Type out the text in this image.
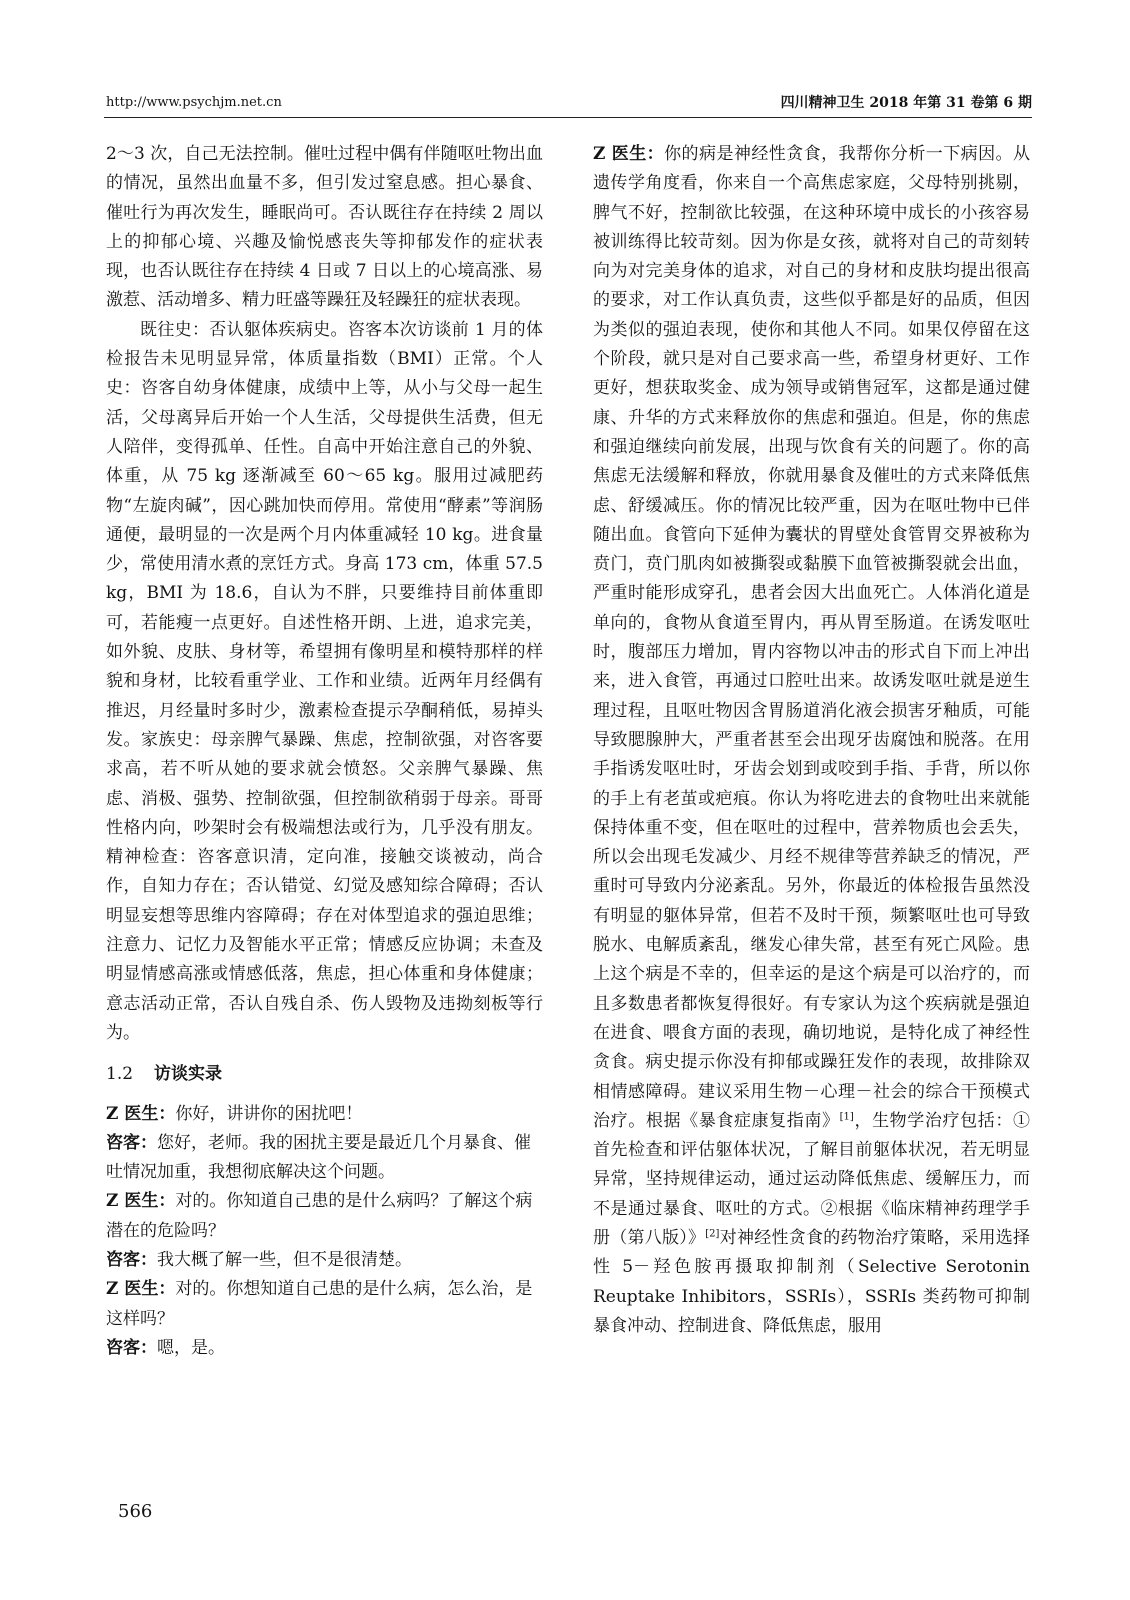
http://www.psychjm.net.cn	四川精神卫生 2018 年第 31 卷第 6 期

2～3 次，自己无法控制。催吐过程中偶有伴随呕吐物出血的情况，虽然出血量不多，但引发过窒息感。担心暴食、催吐行为再次发生，睡眠尚可。否认既往存在持续 2 周以上的抑郁心境、兴趣及愉悦感丧失等抑郁发作的症状表现，也否认既往存在持续 4 日或 7 日以上的心境高涨、易激惹、活动增多、精力旺盛等躁狂及轻躁狂的症状表现。

既往史：否认躯体疾病史。咨客本次访谈前 1 月的体检报告未见明显异常，体质量指数（BMI）正常。个人史：咨客自幼身体健康，成绩中上等，从小与父母一起生活，父母离异后开始一个人生活，父母提供生活费，但无人陪伴，变得孤单、任性。自高中开始注意自己的外貌、体重，从 75 kg 逐渐减至 60～65 kg。服用过减肥药物“左旋肉碱”，因心跳加快而停用。常使用“酵素”等润肠通便，最明显的一次是两个月内体重减轻 10 kg。进食量少，常使用清水煮的烹饪方式。身高 173 cm，体重 57.5 kg，BMI 为 18.6，自认为不胖，只要维持目前体重即可，若能瘦一点更好。自述性格开朗、上进，追求完美，如外貌、皮肤、身材等，希望拥有像明星和模特那样的样貌和身材，比较看重学业、工作和业绩。近两年月经偶有推迟，月经量时多时少，激素检查提示孕酮稍低，易掉头发。家族史：母亲脾气暴躁、焦虑，控制欲强，对咨客要求高，若不听从她的要求就会愤怒。父亲脾气暴躁、焦虑、消极、强势、控制欲强，但控制欲稍弱于母亲。哥哥性格内向，吵架时会有极端想法或行为，几乎没有朋友。精神检查：咨客意识清，定向准，接触交谈被动，尚合作，自知力存在；否认错觉、幻觉及感知综合障碍；否认明显妄想等思维内容障碍；存在对体型追求的强迫思维；注意力、记忆力及智能水平正常；情感反应协调；未查及明显情感高涨或情感低落，焦虑，担心体重和身体健康；意志活动正常，否认自残自杀、伤人毁物及违拗刻板等行为。

1.2 访谈实录

Z 医生：你好，讲讲你的困扰吧！

咨客：您好，老师。我的困扰主要是最近几个月暴食、催吐情况加重，我想彻底解决这个问题。

Z 医生：对的。你知道自己患的是什么病吗？了解这个病潜在的危险吗？

咨客：我大概了解一些，但不是很清楚。

Z 医生：对的。你想知道自己患的是什么病，怎么治，是这样吗？

咨客：嗯，是。

Z 医生：你的病是神经性贪食，我帮你分析一下病因。从遗传学角度看，你来自一个高焦虑家庭，父母特别挑剔，脾气不好，控制欲比较强，在这种环境中成长的小孩容易被训练得比较苛刻。因为你是女孩，就将对自己的苛刻转向为对完美身体的追求，对自己的身材和皮肤均提出很高的要求，对工作认真负责，这些似乎都是好的品质，但因为类似的强迫表现，使你和其他人不同。如果仅停留在这个阶段，就只是对自己要求高一些，希望身材更好、工作更好，想获取奖金、成为领导或销售冠军，这都是通过健康、升华的方式来释放你的焦虑和强迫。但是，你的焦虑和强迫继续向前发展，出现与饮食有关的问题了。你的高焦虑无法缓解和释放，你就用暴食及催吐的方式来降低焦虑、舒缓减压。你的情况比较严重，因为在呕吐物中已伴随出血。食管向下延伸为囊状的胃壁处食管胃交界被称为贲门，贲门肌肉如被撕裂或黏膜下血管被撕裂就会出血，严重时能形成穿孔，患者会因大出血死亡。人体消化道是单向的，食物从食道至胃内，再从胃至肠道。在诱发呕吐时，腹部压力增加，胃内容物以冲击的形式自下而上冲出来，进入食管，再通过口腔吐出来。故诱发呕吐就是逆生理过程，且呕吐物因含胃肠道消化液会损害牙釉质，可能导致腮腺肿大，严重者甚至会出现牙齿腐蚀和脱落。在用手指诱发呕吐时，牙齿会划到或咬到手指、手背，所以你的手上有老茧或疤痕。你认为将吃进去的食物吐出来就能保持体重不变，但在呕吐的过程中，营养物质也会丢失，所以会出现毛发减少、月经不规律等营养缺乏的情况，严重时可导致内分泌紊乱。另外，你最近的体检报告虽然没有明显的躯体异常，但若不及时干预，频繁呕吐也可导致脱水、电解质紊乱，继发心律失常，甚至有死亡风险。患上这个病是不幸的，但幸运的是这个病是可以治疗的，而且多数患者都恢复得很好。有专家认为这个疾病就是强迫在进食、喂食方面的表现，确切地说，是特化成了神经性贪食。病史提示你没有抑郁或躁狂发作的表现，故排除双相情感障碍。建议采用生物－心理－社会的综合干预模式治疗。根据《暴食症康复指南》[1]，生物学治疗包括：①首先检查和评估躯体状况，了解目前躯体状况，若无明显异常，坚持规律运动，通过运动降低焦虑、缓解压力，而不是通过暴食、呕吐的方式。②根据《临床精神药理学手册（第八版）》[2]对神经性贪食的药物治疗策略，采用选择性 5－羟色胺再摄取抑制剂（Selective Serotonin Reuptake Inhibitors，SSRIs），SSRIs 类药物可抑制暴食冲动、控制进食、降低焦虑，服用

566
